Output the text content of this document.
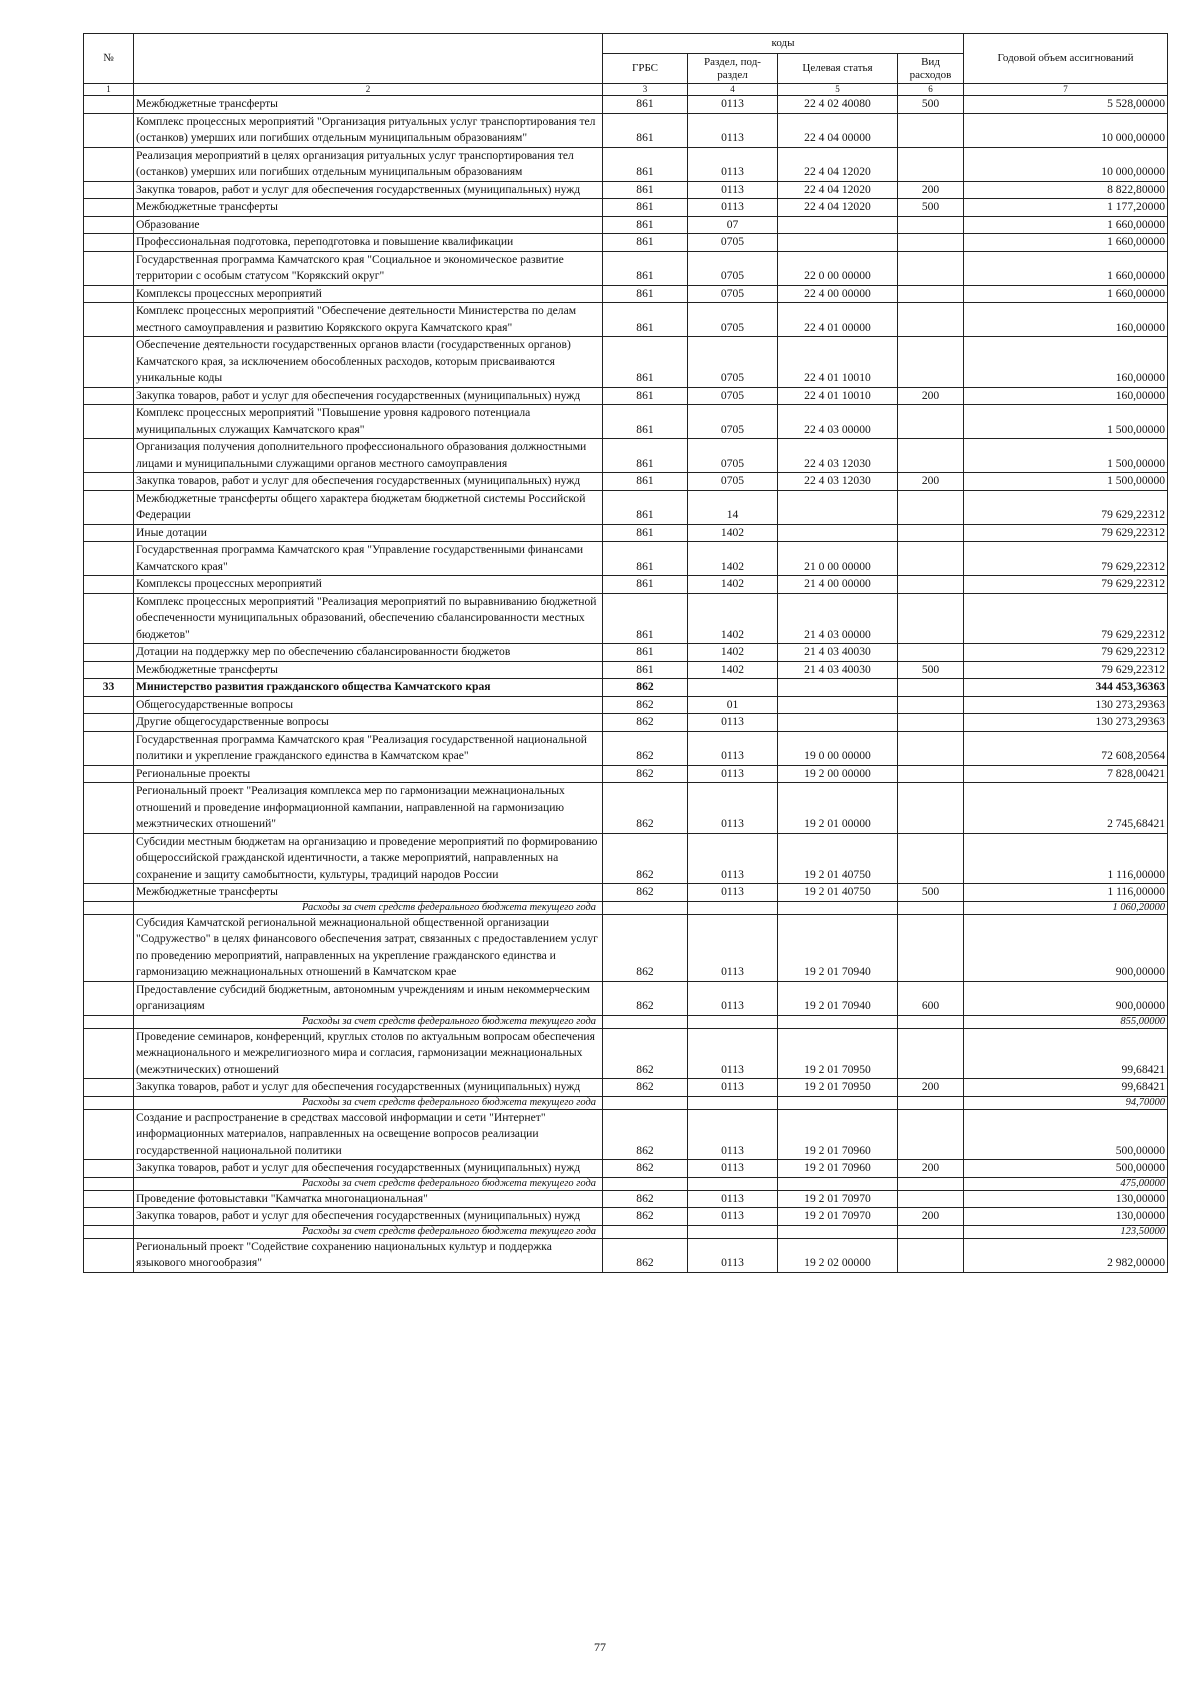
№		коды				Годовой объем ассигнований
		ГРБС	Раздел, под-раздел	Целевая статья	Вид расходов	
1	2	3	4	5	6	7
	Межбюджетные трансферты	861	0113	22 4 02 40080	500	5 528,00000
	Комплекс процессных мероприятий "Организация ритуальных услуг транспортирования тел (останков) умерших или погибших отдельным муниципальным образованиям"	861	0113	22 4 04 00000		10 000,00000
	Реализация мероприятий в целях организация ритуальных услуг транспортирования тел (останков) умерших или погибших отдельным муниципальным образованиям	861	0113	22 4 04 12020		10 000,00000
	Закупка товаров, работ и услуг для обеспечения государственных (муниципальных) нужд	861	0113	22 4 04 12020	200	8 822,80000
	Межбюджетные трансферты	861	0113	22 4 04 12020	500	1 177,20000
	Образование	861	07			1 660,00000
	Профессиональная подготовка, переподготовка и повышение квалификации	861	0705			1 660,00000
	Государственная программа Камчатского края "Социальное и экономическое развитие территории с особым статусом "Корякский округ"	861	0705	22 0 00 00000		1 660,00000
	Комплексы процессных мероприятий	861	0705	22 4 00 00000		1 660,00000
	Комплекс процессных мероприятий "Обеспечение деятельности Министерства по делам местного самоуправления и развитию Корякского округа Камчатского края"	861	0705	22 4 01 00000		160,00000
	Обеспечение деятельности государственных органов власти (государственных органов) Камчатского края, за исключением обособленных расходов, которым присваиваются уникальные коды	861	0705	22 4 01 10010		160,00000
	Закупка товаров, работ и услуг для обеспечения государственных (муниципальных) нужд	861	0705	22 4 01 10010	200	160,00000
	Комплекс процессных мероприятий "Повышение уровня кадрового потенциала муниципальных служащих Камчатского края"	861	0705	22 4 03 00000		1 500,00000
	Организация получения дополнительного профессионального образования должностными лицами и муниципальными служащими органов местного самоуправления	861	0705	22 4 03 12030		1 500,00000
	Закупка товаров, работ и услуг для обеспечения государственных (муниципальных) нужд	861	0705	22 4 03 12030	200	1 500,00000
	Межбюджетные трансферты общего характера бюджетам бюджетной системы Российской Федерации	861	14			79 629,22312
	Иные дотации	861	1402			79 629,22312
	Государственная программа Камчатского края "Управление государственными финансами Камчатского края"	861	1402	21 0 00 00000		79 629,22312
	Комплексы процессных мероприятий	861	1402	21 4 00 00000		79 629,22312
	Комплекс процессных мероприятий "Реализация мероприятий по выравниванию бюджетной обеспеченности муниципальных образований, обеспечению сбалансированности местных бюджетов"	861	1402	21 4 03 00000		79 629,22312
	Дотации на поддержку мер по обеспечению сбалансированности бюджетов	861	1402	21 4 03 40030		79 629,22312
	Межбюджетные трансферты	861	1402	21 4 03 40030	500	79 629,22312
33	Министерство развития гражданского общества Камчатского края	862				344 453,36363
	Общегосударственные вопросы	862	01			130 273,29363
	Другие общегосударственные вопросы	862	0113			130 273,29363
	Государственная программа Камчатского края "Реализация государственной национальной политики и укрепление гражданского единства в Камчатском крае"	862	0113	19 0 00 00000		72 608,20564
	Региональные проекты	862	0113	19 2 00 00000		7 828,00421
	Региональный проект "Реализация комплекса мер по гармонизации межнациональных отношений и проведение информационной кампании, направленной на гармонизацию межэтнических отношений"	862	0113	19 2 01 00000		2 745,68421
	Субсидии местным бюджетам на организацию и проведение мероприятий по формированию общероссийской гражданской идентичности, а также мероприятий, направленных на сохранение и защиту самобытности, культуры, традиций народов России	862	0113	19 2 01 40750		1 116,00000
	Межбюджетные трансферты	862	0113	19 2 01 40750	500	1 116,00000
	Расходы за счет средств федерального бюджета текущего года					1 060,20000
	Субсидия Камчатской региональной межнациональной общественной организации "Содружество" в целях финансового обеспечения затрат, связанных с предоставлением услуг по проведению мероприятий, направленных на укрепление гражданского единства и гармонизацию межнациональных отношений в Камчатском крае	862	0113	19 2 01 70940		900,00000
	Предоставление субсидий бюджетным, автономным учреждениям и иным некоммерческим организациям	862	0113	19 2 01 70940	600	900,00000
	Расходы за счет средств федерального бюджета текущего года					855,00000
	Проведение семинаров, конференций, круглых столов по актуальным вопросам обеспечения межнационального и межрелигиозного мира и согласия, гармонизации межнациональных (межэтнических) отношений	862	0113	19 2 01 70950		99,68421
	Закупка товаров, работ и услуг для обеспечения государственных (муниципальных) нужд	862	0113	19 2 01 70950	200	99,68421
	Расходы за счет средств федерального бюджета текущего года					94,70000
	Создание и распространение в средствах массовой информации и сети "Интернет" информационных материалов, направленных на освещение вопросов реализации государственной национальной политики	862	0113	19 2 01 70960		500,00000
	Закупка товаров, работ и услуг для обеспечения государственных (муниципальных) нужд	862	0113	19 2 01 70960	200	500,00000
	Расходы за счет средств федерального бюджета текущего года					475,00000
	Проведение фотовыставки "Камчатка многонациональная"	862	0113	19 2 01 70970		130,00000
	Закупка товаров, работ и услуг для обеспечения государственных (муниципальных) нужд	862	0113	19 2 01 70970	200	130,00000
	Расходы за счет средств федерального бюджета текущего года					123,50000
	Региональный проект "Содействие сохранению национальных культур и поддержка языкового многообразия"	862	0113	19 2 02 00000		2 982,00000
77
